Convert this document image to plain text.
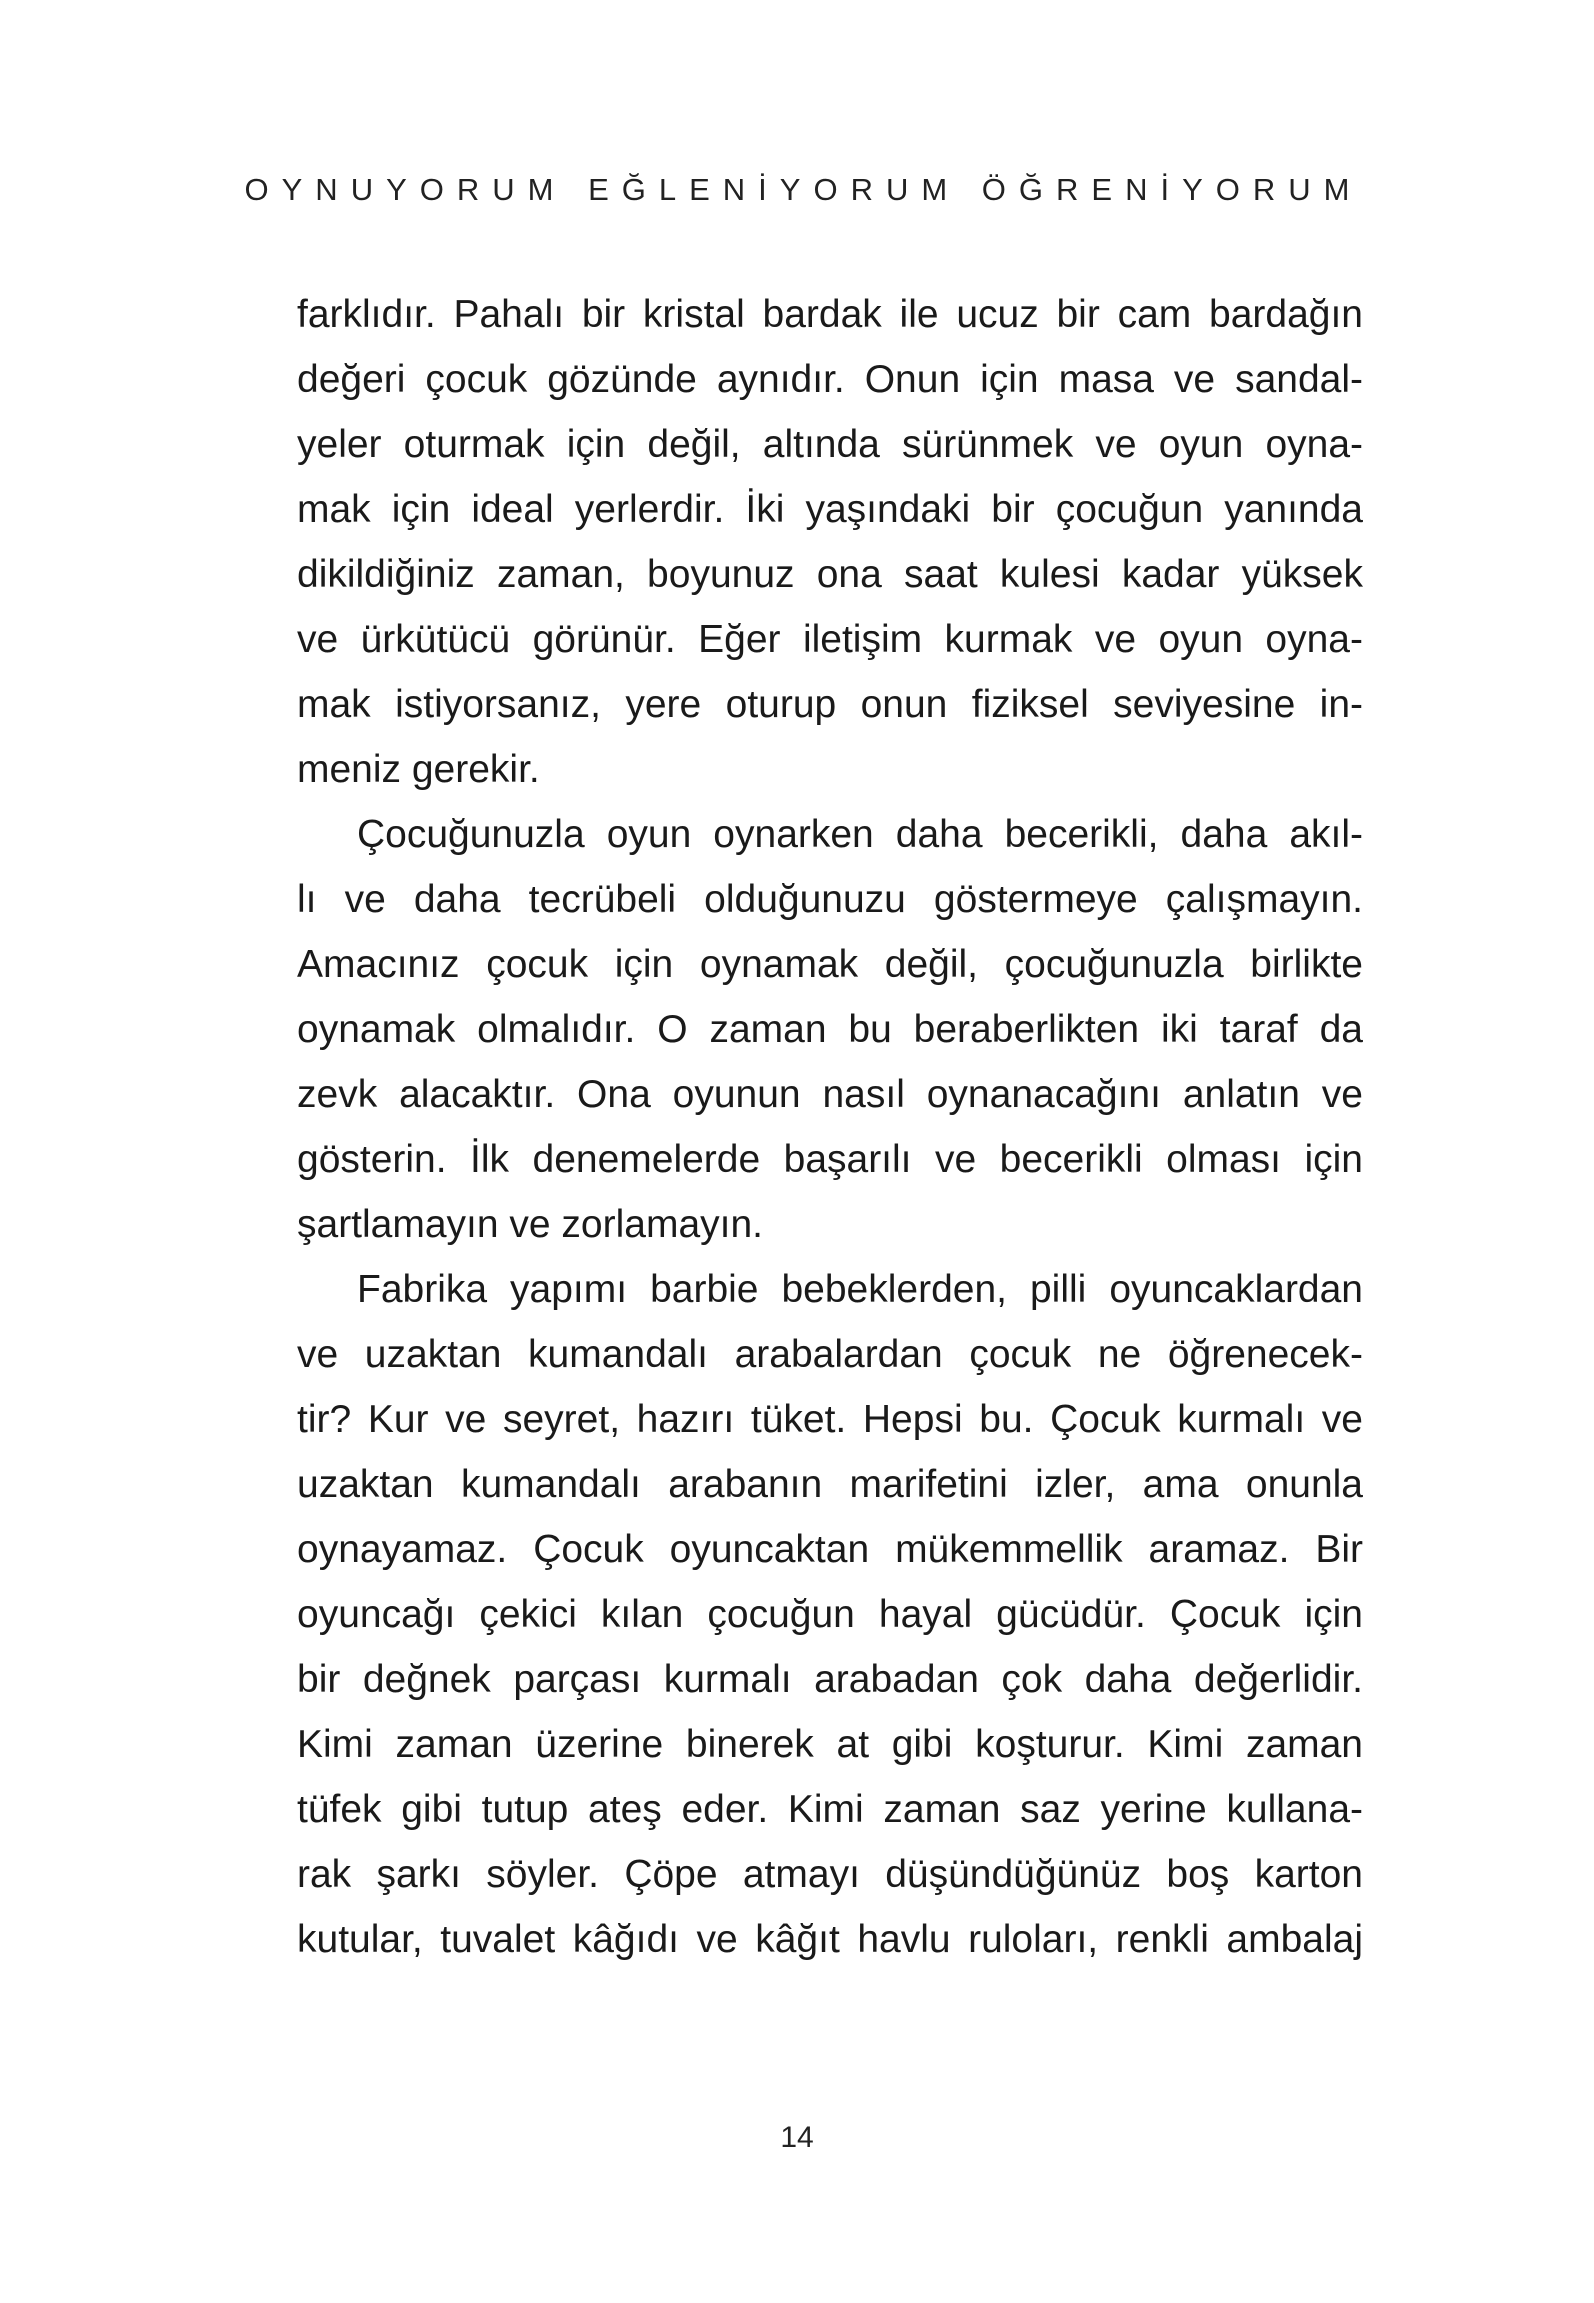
OYNUYORUM EĞLENİYORUM ÖĞRENİYORUM
farklıdır. Pahalı bir kristal bardak ile ucuz bir cam bardağın
değeri çocuk gözünde aynıdır. Onun için masa ve sandal-
yeler oturmak için değil, altında sürünmek ve oyun oyna-
mak için ideal yerlerdir. İki yaşındaki bir çocuğun yanında
dikildiğiniz zaman, boyunuz ona saat kulesi kadar yüksek
ve ürkütücü görünür. Eğer iletişim kurmak ve oyun oyna-
mak istiyorsanız, yere oturup onun fiziksel seviyesine in-
meniz gerekir.
Çocuğunuzla oyun oynarken daha becerikli, daha akıl-
lı ve daha tecrübeli olduğunuzu göstermeye çalışmayın.
Amacınız çocuk için oynamak değil, çocuğunuzla birlikte
oynamak olmalıdır. O zaman bu beraberlikten iki taraf da
zevk alacaktır. Ona oyunun nasıl oynanacağını anlatın ve
gösterin. İlk denemelerde başarılı ve becerikli olması için
şartlamayın ve zorlamayın.
Fabrika yapımı barbie bebeklerden, pilli oyuncaklardan
ve uzaktan kumandalı arabalardan çocuk ne öğrenecek-
tir? Kur ve seyret, hazırı tüket. Hepsi bu. Çocuk kurmalı ve
uzaktan kumandalı arabanın marifetini izler, ama onunla
oynayamaz. Çocuk oyuncaktan mükemmellik aramaz. Bir
oyuncağı çekici kılan çocuğun hayal gücüdür. Çocuk için
bir değnek parçası kurmalı arabadan çok daha değerlidir.
Kimi zaman üzerine binerek at gibi koşturur. Kimi zaman
tüfek gibi tutup ateş eder. Kimi zaman saz yerine kullana-
rak şarkı söyler. Çöpe atmayı düşündüğünüz boş karton
kutular, tuvalet kâğıdı ve kâğıt havlu ruloları, renkli ambalaj
14
